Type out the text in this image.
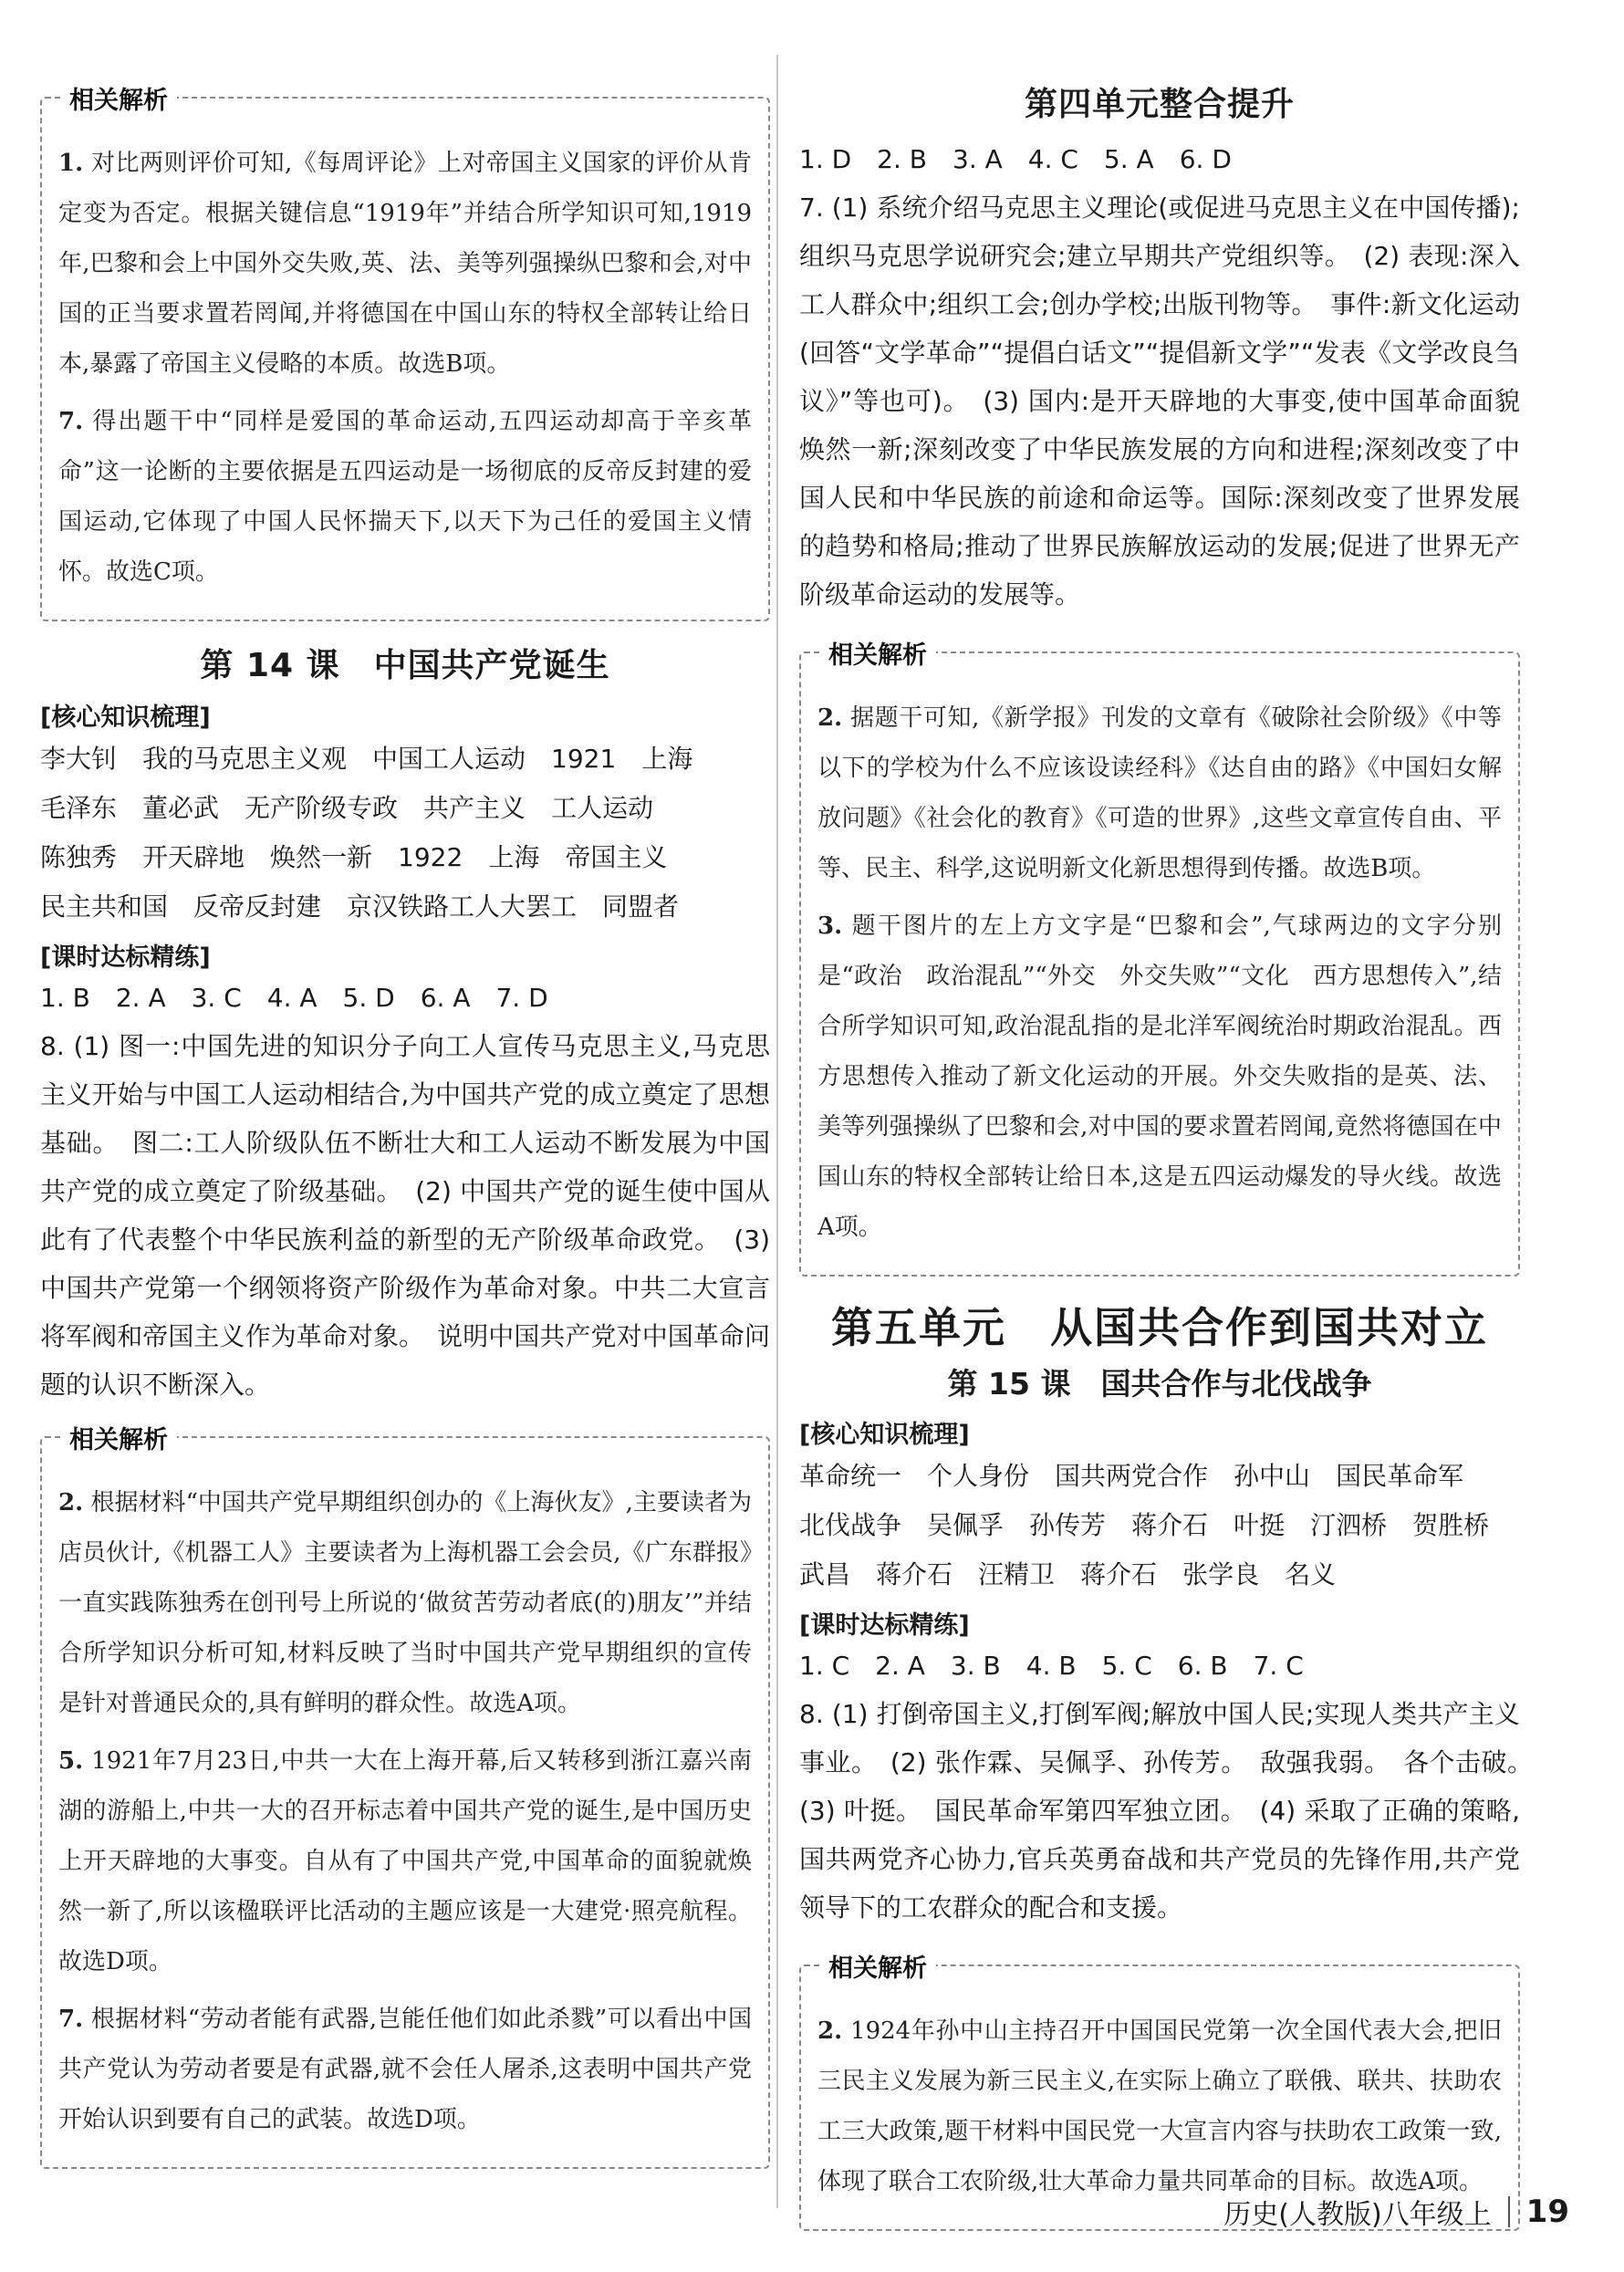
相关解析

1. 对比两则评价可知,《每周评论》上对帝国主义国家的评价从肯定变为否定。根据关键信息“1919年”并结合所学知识可知,1919年,巴黎和会上中国外交失败,英、法、美等列强操纵巴黎和会,对中国的正当要求置若罔闻,并将德国在中国山东的特权全部转让给日本,暴露了帝国主义侵略的本质。故选B项。

7. 得出题干中“同样是爱国的革命运动,五四运动却高于辛亥革命”这一论断的主要依据是五四运动是一场彻底的反帝反封建的爱国运动,它体现了中国人民怀揣天下,以天下为己任的爱国主义情怀。故选C项。

第 14 课　中国共产党诞生
[核心知识梳理]

李大钊 我的马克思主义观 中国工人运动 1921 上海毛泽东 董必武 无产阶级专政 共产主义 工人运动陈独秀 开天辟地 焕然一新 1922 上海 帝国主义民主共和国 反帝反封建 京汉铁路工人大罢工 同盟者

[课时达标精练]

1. B　2. A　3. C　4. A　5. D　6. A　7. D

8. (1) 图一:中国先进的知识分子向工人宣传马克思主义,马克思主义开始与中国工人运动相结合,为中国共产党的成立奠定了思想基础。　图二:工人阶级队伍不断壮大和工人运动不断发展为中国共产党的成立奠定了阶级基础。　(2) 中国共产党的诞生使中国从此有了代表整个中华民族利益的新型的无产阶级革命政党。　(3) 中国共产党第一个纲领将资产阶级作为革命对象。中共二大宣言将军阀和帝国主义作为革命对象。　说明中国共产党对中国革命问题的认识不断深入。

相关解析

2. 根据材料“中国共产党早期组织创办的《上海伙友》,主要读者为店员伙计,《机器工人》主要读者为上海机器工会会员,《广东群报》一直实践陈独秀在创刊号上所说的‘做贫苦劳动者底(的)朋友’”并结合所学知识分析可知,材料反映了当时中国共产党早期组织的宣传是针对普通民众的,具有鲜明的群众性。故选A项。

5. 1921年7月23日,中共一大在上海开幕,后又转移到浙江嘉兴南湖的游船上,中共一大的召开标志着中国共产党的诞生,是中国历史上开天辟地的大事变。自从有了中国共产党,中国革命的面貌就焕然一新了,所以该楹联评比活动的主题应该是一大建党·照亮航程。故选D项。

7. 根据材料“劳动者能有武器,岂能任他们如此杀戮”可以看出中国共产党认为劳动者要是有武器,就不会任人屠杀,这表明中国共产党开始认识到要有自己的武装。故选D项。

第四单元整合提升

1. D　2. B　3. A　4. C　5. A　6. D

7. (1) 系统介绍马克思主义理论(或促进马克思主义在中国传播);组织马克思学说研究会;建立早期共产党组织等。　(2) 表现:深入工人群众中;组织工会;创办学校;出版刊物等。　事件:新文化运动(回答“文学革命”“提倡白话文”“提倡新文学”“发表《文学改良刍议》”等也可)。　(3) 国内:是开天辟地的大事变,使中国革命面貌焕然一新;深刻改变了中华民族发展的方向和进程;深刻改变了中国人民和中华民族的前途和命运等。国际:深刻改变了世界发展的趋势和格局;推动了世界民族解放运动的发展;促进了世界无产阶级革命运动的发展等。

相关解析

2. 据题干可知,《新学报》刊发的文章有《破除社会阶级》《中等以下的学校为什么不应该设读经科》《达自由的路》《中国妇女解放问题》《社会化的教育》《可造的世界》,这些文章宣传自由、平等、民主、科学,这说明新文化新思想得到传播。故选B项。

3. 题干图片的左上方文字是“巴黎和会”,气球两边的文字分别是“政治　政治混乱”“外交　外交失败”“文化　西方思想传入”,结合所学知识可知,政治混乱指的是北洋军阀统治时期政治混乱。西方思想传入推动了新文化运动的开展。外交失败指的是英、法、美等列强操纵了巴黎和会,对中国的要求置若罔闻,竟然将德国在中国山东的特权全部转让给日本,这是五四运动爆发的导火线。故选A项。

第五单元　从国共合作到国共对立
第 15 课　国共合作与北伐战争
[核心知识梳理]

革命统一 个人身份 国共两党合作 孙中山 国民革命军北伐战争 吴佩孚 孙传芳 蒋介石 叶挺 汀泗桥 贺胜桥武昌 蒋介石 汪精卫 蒋介石 张学良 名义

[课时达标精练]

1. C　2. A　3. B　4. B　5. C　6. B　7. C

8. (1) 打倒帝国主义,打倒军阀;解放中国人民;实现人类共产主义事业。　(2) 张作霖、吴佩孚、孙传芳。　敌强我弱。　各个击破。　(3) 叶挺。　国民革命军第四军独立团。　(4) 采取了正确的策略,国共两党齐心协力,官兵英勇奋战和共产党员的先锋作用,共产党领导下的工农群众的配合和支援。

相关解析

2. 1924年孙中山主持召开中国国民党第一次全国代表大会,把旧三民主义发展为新三民主义,在实际上确立了联俄、联共、扶助农工三大政策,题干材料中国民党一大宣言内容与扶助农工政策一致,体现了联合工农阶级,壮大革命力量共同革命的目标。故选A项。

历史(人教版)八年级上 19
